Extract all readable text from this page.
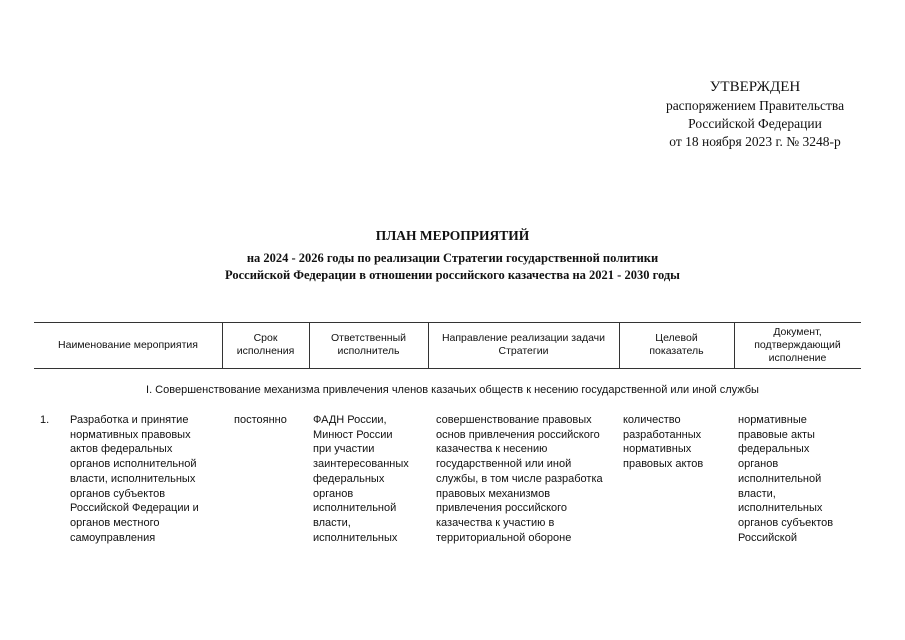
УТВЕРЖДЕН
распоряжением Правительства
Российской Федерации
от 18 ноября 2023 г. № 3248-р
ПЛАН МЕРОПРИЯТИЙ
на 2024 - 2026 годы по реализации Стратегии государственной политики
Российской Федерации в отношении российского казачества на 2021 - 2030 годы
Наименование мероприятия
Срок
исполнения
Ответственный
исполнитель
Направление реализации задачи
Стратегии
Целевой
показатель
Документ,
подтверждающий
исполнение
I. Совершенствование механизма привлечения членов казачьих обществ к несению государственной или иной службы
1. Разработка и принятие
нормативных правовых
актов федеральных
органов исполнительной
власти, исполнительных
органов субъектов
Российской Федерации и
органов местного
самоуправления
постоянно ФАДН России,
Минюст России
при участии
заинтересованных
федеральных
органов
исполнительной
власти,
исполнительных
совершенствование правовых
основ привлечения российского
казачества к несению
государственной или иной
службы, в том числе разработка
правовых механизмов
привлечения российского
казачества к участию в
территориальной обороне
количество
разработанных
нормативных
правовых актов
нормативные
правовые акты
федеральных
органов
исполнительной
власти,
исполнительных
органов субъектов
Российской
